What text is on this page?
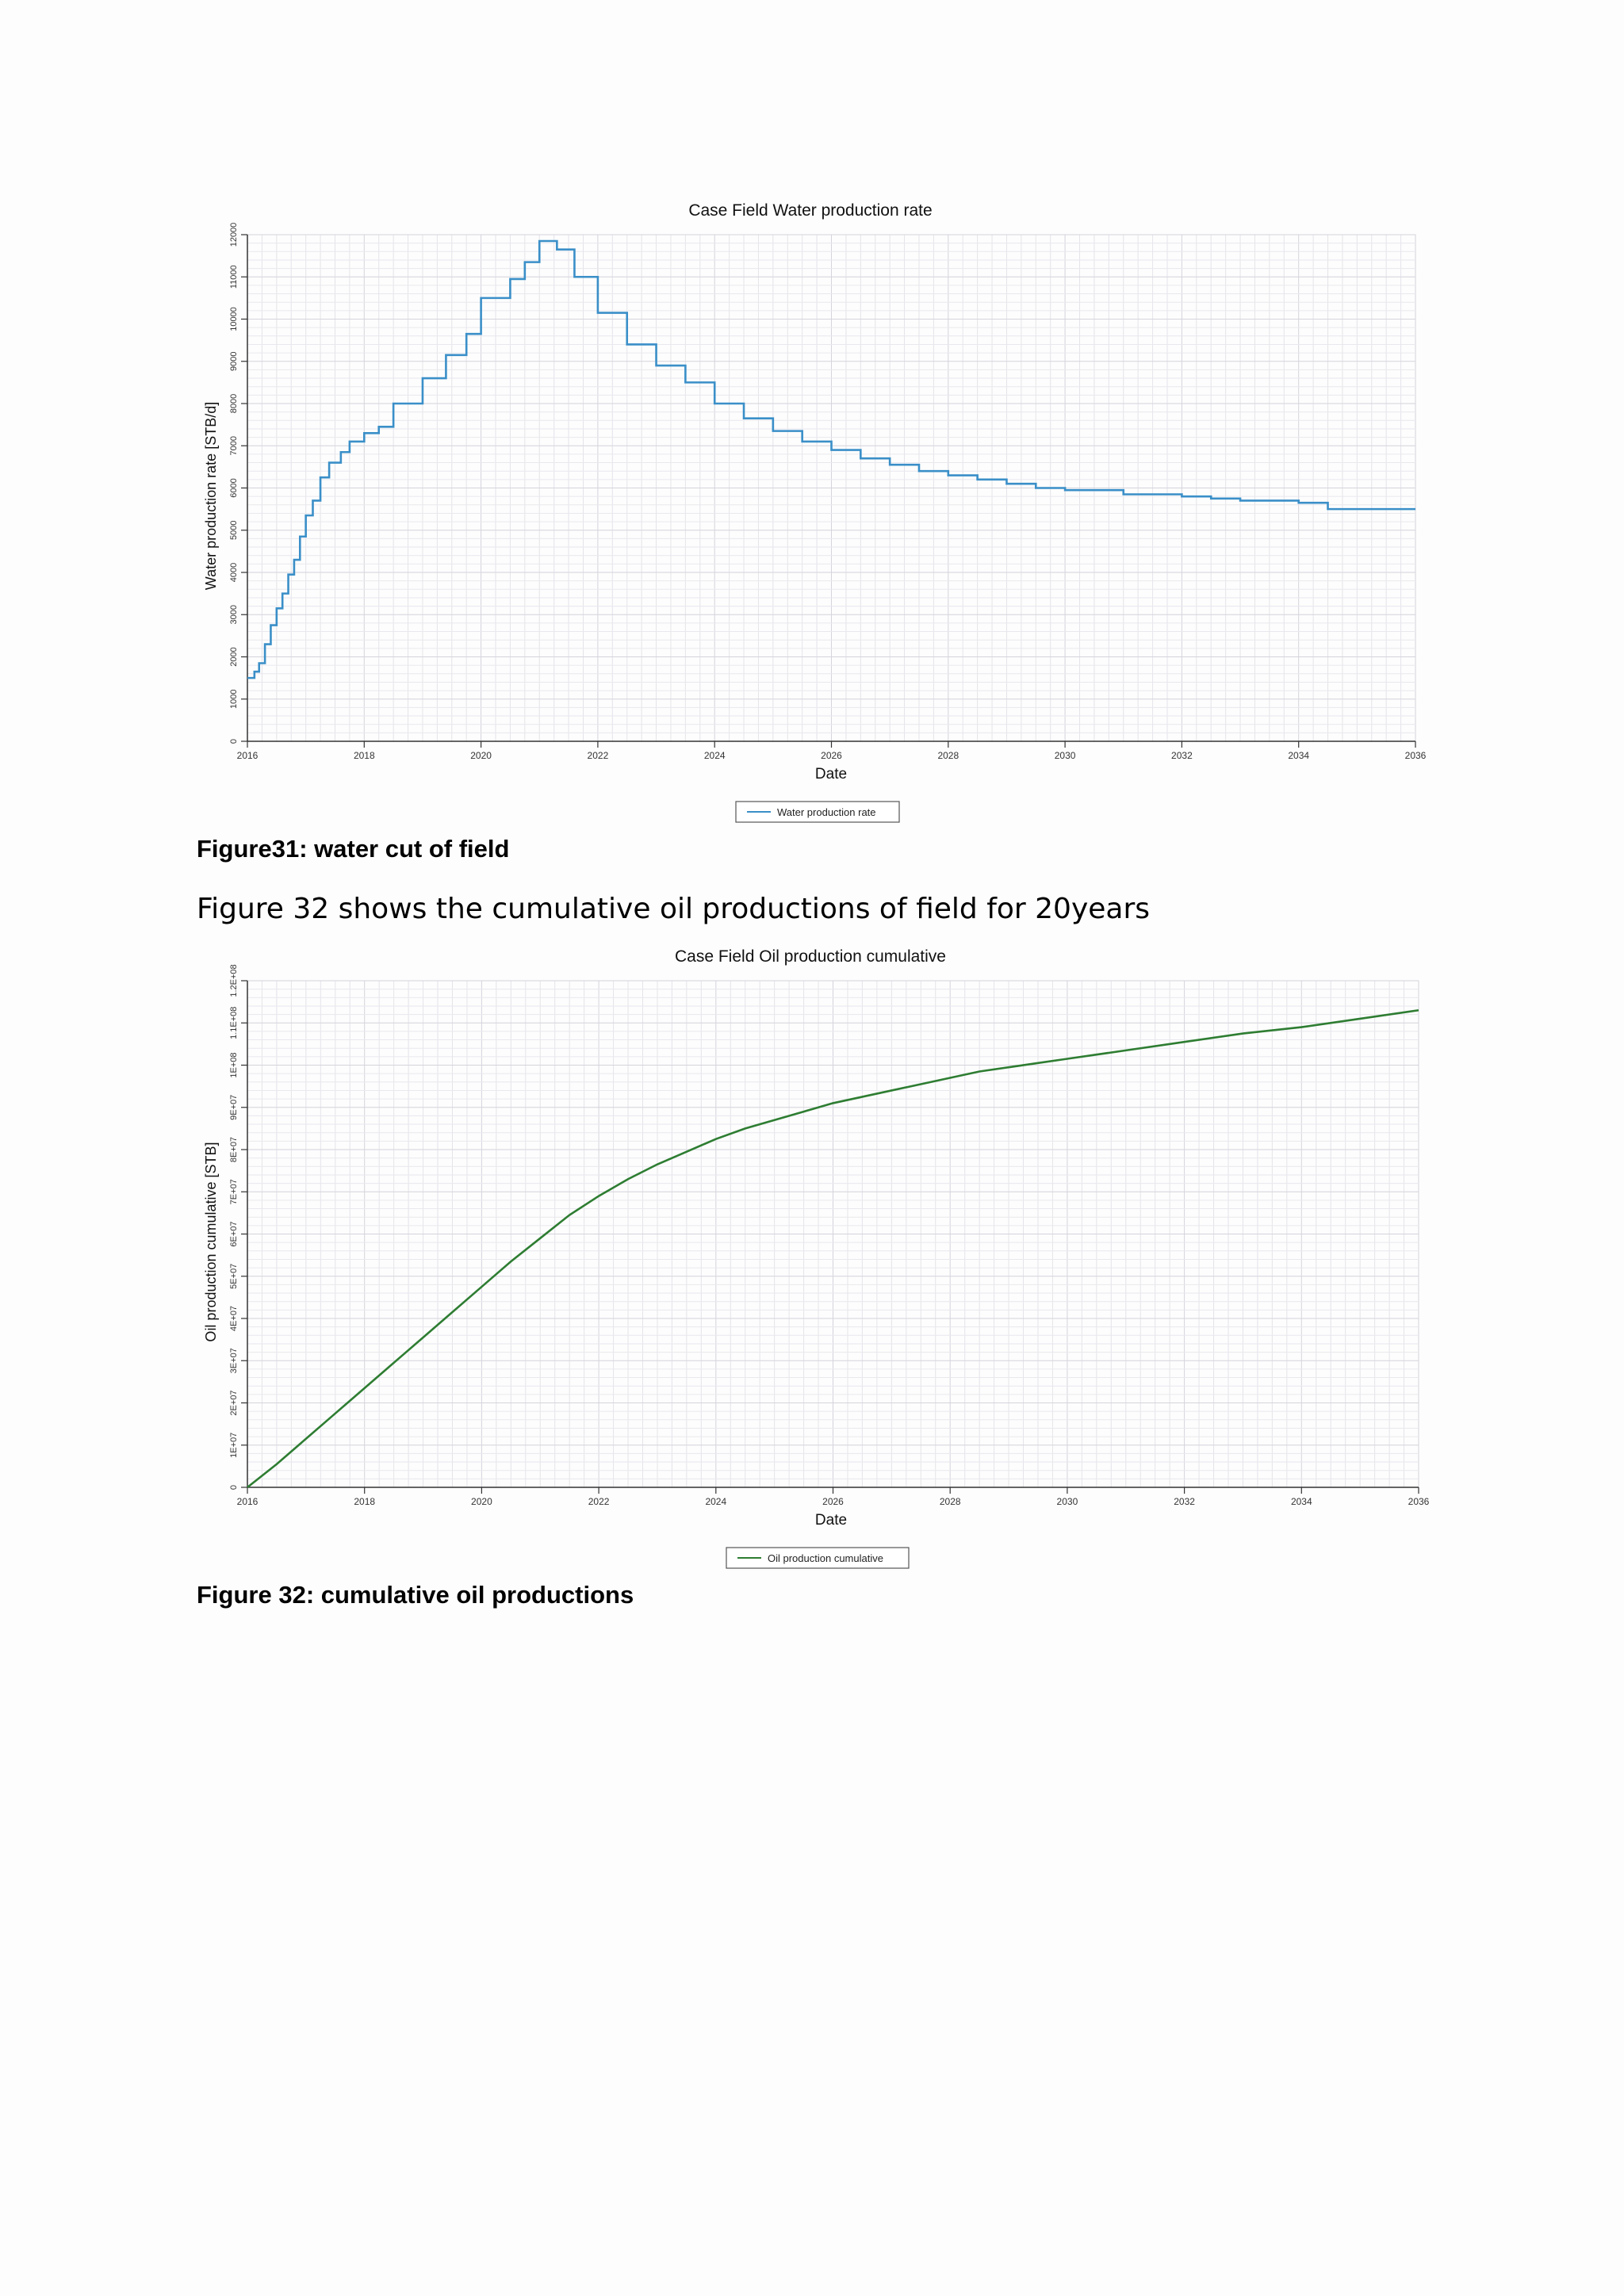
2016	2018	2020	2022	2024	2026	2028	2030	2032	2034	2036
0
1000
2000
3000
4000
5000
6000
7000
8000
9000
10000
11000
12000
Case Field Water production rate
Date
Water production rate [STB/d]
Water production rate

Figure31: water cut of field

Figure 32 shows the cumulative oil productions of field for 20years

2016	2018	2020	2022	2024	2026	2028	2030	2032	2034	2036
0
1E+07
2E+07
3E+07
4E+07
5E+07
6E+07
7E+07
8E+07
9E+07
1E+08
1.1E+08
1.2E+08
Case Field Oil production cumulative
Date
Oil production cumulative [STB]
Oil production cumulative

Figure 32: cumulative oil productions
